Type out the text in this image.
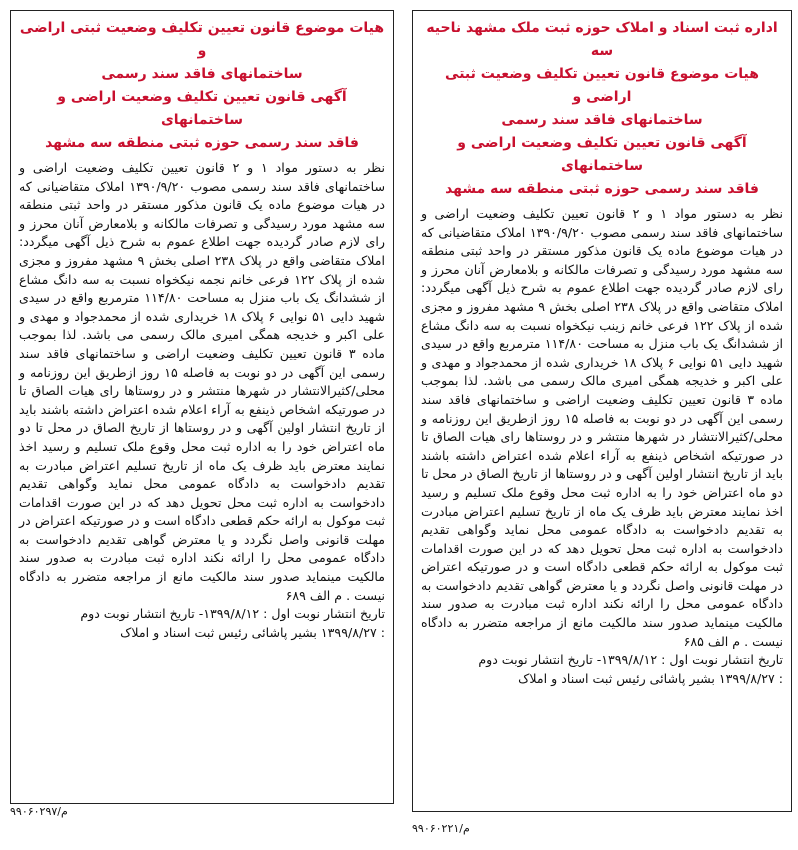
اداره ثبت اسناد و املاک حوزه ثبت ملک مشهد ناحیه سه
هیات موضوع قانون تعیین تکلیف وضعیت ثبتی اراضی و
ساختمانهای فاقد سند رسمی
آگهی قانون تعیین تکلیف وضعیت اراضی و ساختمانهای
فاقد سند رسمی حوزه ثبتی منطقه سه مشهد

نظر به دستور مواد ۱ و ۲ قانون تعیین تکلیف وضعیت اراضی و ساختمانهای فاقد سند رسمی مصوب ۱۳۹۰/۹/۲۰ املاک متقاضیانی که در هیات موضوع ماده یک قانون مذکور مستقر در واحد ثبتی منطقه سه مشهد مورد رسیدگی و تصرفات مالکانه و بلامعارض آنان محرز و رای لازم صادر گردیده جهت اطلاع عموم به شرح ذیل آگهی میگردد: املاک متقاضی واقع در پلاک ۲۳۸ اصلی بخش ۹ مشهد مفروز و مجزی شده از پلاک ۱۲۲ فرعی خانم زینب نیکخواه نسبت به سه دانگ مشاع از ششدانگ یک باب منزل به مساحت ۱۱۴/۸۰ مترمربع واقع در سیدی شهید دایی ۵۱ نوایی ۶ پلاک ۱۸ خریداری شده از محمدجواد و مهدی و علی اکبر و خدیجه همگی امیری مالک رسمی می باشد. لذا بموجب ماده ۳ قانون تعیین تکلیف وضعیت اراضی و ساختمانهای فاقد سند رسمی این آگهی در دو نوبت به فاصله ۱۵ روز ازطریق این روزنامه و محلی/کثیرالانتشار در شهرها منتشر و در روستاها رای هیات الصاق تا در صورتیکه اشخاص ذینفع به آراء اعلام شده اعتراض داشته باشند باید از تاریخ انتشار اولین آگهی و در روستاها از تاریخ الصاق در محل تا دو ماه اعتراض خود را به اداره ثبت محل وقوع ملک تسلیم و رسید اخذ نمایند معترض باید ظرف یک ماه از تاریخ تسلیم اعتراض مبادرت به تقدیم دادخواست به دادگاه عمومی محل نماید وگواهی تقدیم دادخواست به اداره ثبت محل تحویل دهد که در این صورت اقدامات ثبت موکول به ارائه حکم قطعی دادگاه است و در صورتیکه اعتراض در مهلت قانونی واصل نگردد و یا معترض گواهی تقدیم دادخواست به دادگاه عمومی محل را ارائه نکند اداره ثبت مبادرت به صدور سند مالکیت مینماید صدور سند مالکیت مانع از مراجعه متضرر به دادگاه نیست . م الف ۶۸۵

تاریخ انتشار نوبت اول : ۱۳۹۹/۸/۱۲- تاریخ انتشار نوبت دوم
: ۱۳۹۹/۸/۲۷ بشیر پاشائی رئیس ثبت اسناد و املاک
م/۹۹۰۶۰۲۲۱
هیات موضوع قانون تعیین تکلیف وضعیت ثبتی اراضی و
ساختمانهای فاقد سند رسمی
آگهی قانون تعیین تکلیف وضعیت اراضی و ساختمانهای
فاقد سند رسمی حوزه ثبتی منطقه سه مشهد

نظر به دستور مواد ۱ و ۲ قانون تعیین تکلیف وضعیت اراضی و ساختمانهای فاقد سند رسمی مصوب ۱۳۹۰/۹/۲۰ املاک متقاضیانی که در هیات موضوع ماده یک قانون مذکور مستقر در واحد ثبتی منطقه سه مشهد مورد رسیدگی و تصرفات مالکانه و بلامعارض آنان محرز و رای لازم صادر گردیده جهت اطلاع عموم به شرح ذیل آگهی میگردد: املاک متقاضی واقع در پلاک ۲۳۸ اصلی بخش ۹ مشهد مفروز و مجزی شده از پلاک ۱۲۲ فرعی خانم نجمه نیکخواه نسبت به سه دانگ مشاع از ششدانگ یک باب منزل به مساحت ۱۱۴/۸۰ مترمربع واقع در سیدی شهید دایی ۵۱ نوایی ۶ پلاک ۱۸ خریداری شده از محمدجواد و مهدی و علی اکبر و خدیجه همگی امیری مالک رسمی می باشد. لذا بموجب ماده ۳ قانون تعیین تکلیف وضعیت اراضی و ساختمانهای فاقد سند رسمی این آگهی در دو نوبت به فاصله ۱۵ روز ازطریق این روزنامه و محلی/کثیرالانتشار در شهرها منتشر و در روستاها رای هیات الصاق تا در صورتیکه اشخاص ذینفع به آراء اعلام شده اعتراض داشته باشند باید از تاریخ انتشار اولین آگهی و در روستاها از تاریخ الصاق در محل تا دو ماه اعتراض خود را به اداره ثبت محل وقوع ملک تسلیم و رسید اخذ نمایند معترض باید ظرف یک ماه از تاریخ تسلیم اعتراض مبادرت به تقدیم دادخواست به دادگاه عمومی محل نماید وگواهی تقدیم دادخواست به اداره ثبت محل تحویل دهد که در این صورت اقدامات ثبت موکول به ارائه حکم قطعی دادگاه است و در صورتیکه اعتراض در مهلت قانونی واصل نگردد و یا معترض گواهی تقدیم دادخواست به دادگاه عمومی محل را ارائه نکند اداره ثبت مبادرت به صدور سند مالکیت مینماید صدور سند مالکیت مانع از مراجعه متضرر به دادگاه نیست . م الف ۶۸۹

تاریخ انتشار نوبت اول : ۱۳۹۹/۸/۱۲- تاریخ انتشار نوبت دوم
: ۱۳۹۹/۸/۲۷ بشیر پاشائی رئیس ثبت اسناد و املاک
م/۹۹۰۶۰۲۹۷
